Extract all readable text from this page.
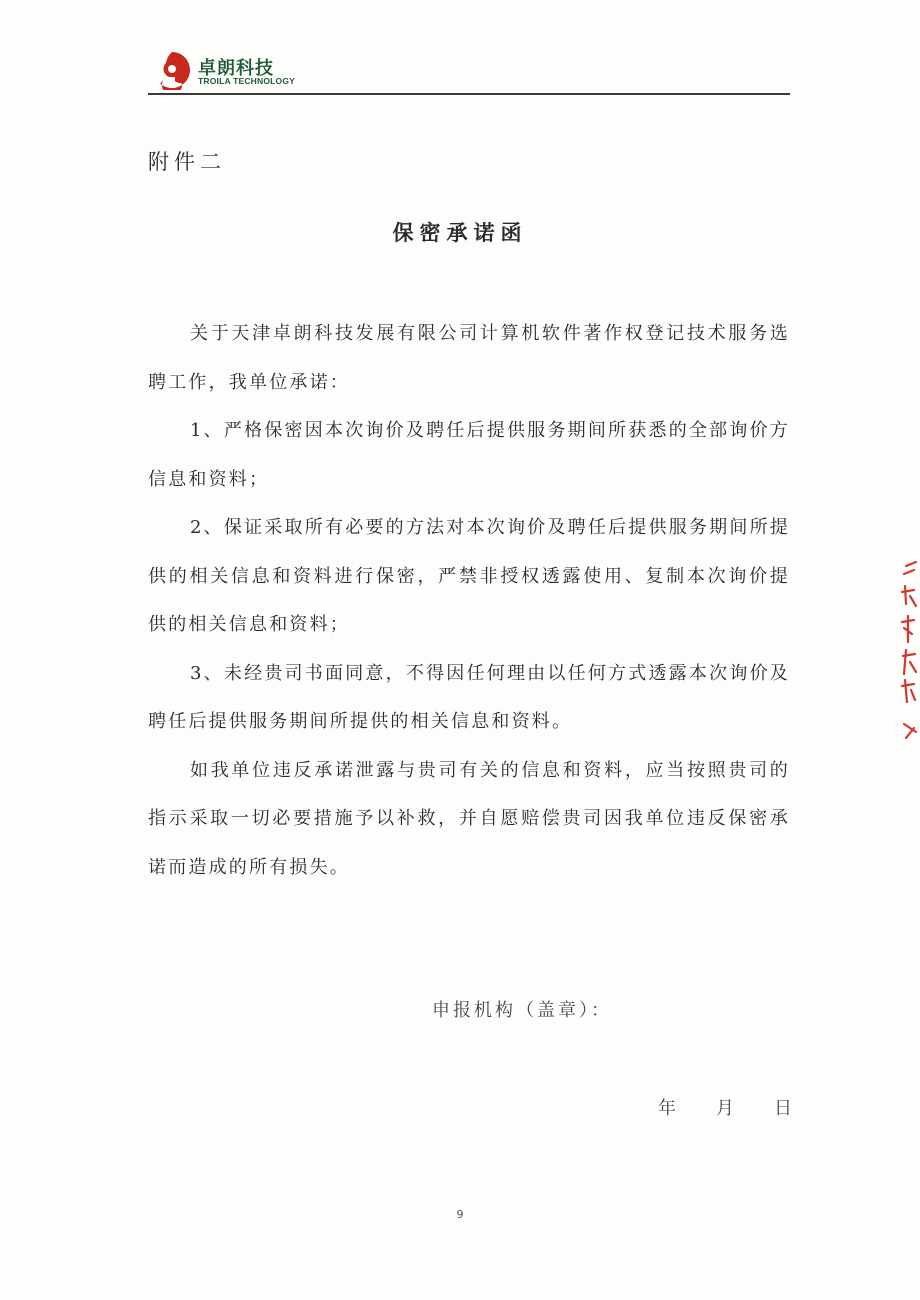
卓朗科技
TROILA TECHNOLOGY
附件二
保密承诺函

关于天津卓朗科技发展有限公司计算机软件著作权登记技术服务选聘工作，我单位承诺：

1、严格保密因本次询价及聘任后提供服务期间所获悉的全部询价方信息和资料；

2、保证采取所有必要的方法对本次询价及聘任后提供服务期间所提供的相关信息和资料进行保密，严禁非授权透露使用、复制本次询价提供的相关信息和资料；

3、未经贵司书面同意，不得因任何理由以任何方式透露本次询价及聘任后提供服务期间所提供的相关信息和资料。

如我单位违反承诺泄露与贵司有关的信息和资料，应当按照贵司的指示采取一切必要措施予以补救，并自愿赔偿贵司因我单位违反保密承诺而造成的所有损失。

申报机构（盖章）：
年 月 日
9
